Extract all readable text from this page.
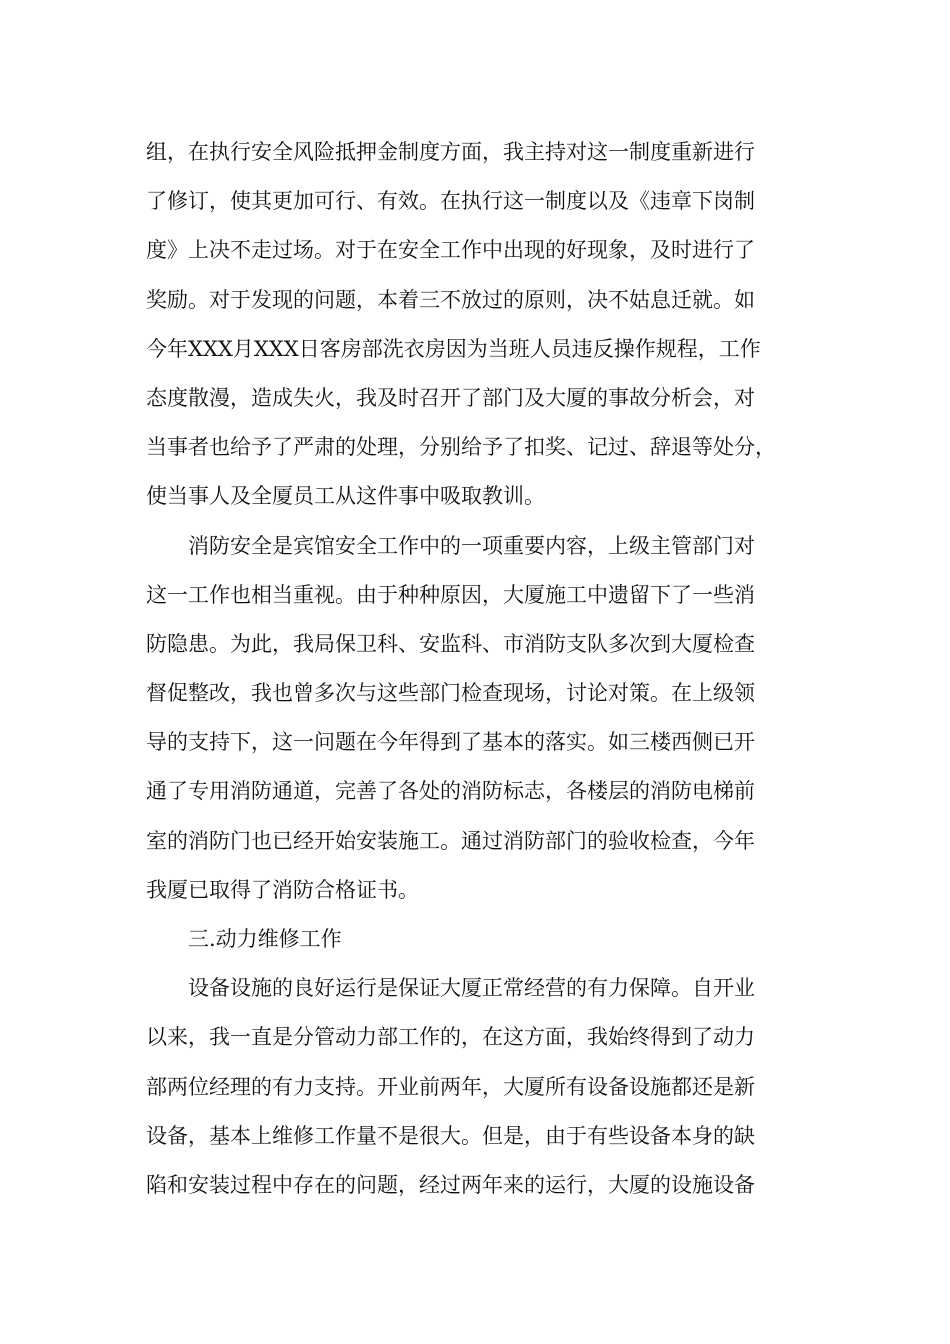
组，在执行安全风险抵押金制度方面，我主持对这一制度重新进行
了修订，使其更加可行、有效。在执行这一制度以及《违章下岗制
度》上决不走过场。对于在安全工作中出现的好现象，及时进行了
奖励。对于发现的问题，本着三不放过的原则，决不姑息迁就。如
今年XXX月XXX日客房部洗衣房因为当班人员违反操作规程，工作
态度散漫，造成失火，我及时召开了部门及大厦的事故分析会，对
当事者也给予了严肃的处理，分别给予了扣奖、记过、辞退等处分，
使当事人及全厦员工从这件事中吸取教训。
消防安全是宾馆安全工作中的一项重要内容，上级主管部门对
这一工作也相当重视。由于种种原因，大厦施工中遗留下了一些消
防隐患。为此，我局保卫科、安监科、市消防支队多次到大厦检查
督促整改，我也曾多次与这些部门检查现场，讨论对策。在上级领
导的支持下，这一问题在今年得到了基本的落实。如三楼西侧已开
通了专用消防通道，完善了各处的消防标志，各楼层的消防电梯前
室的消防门也已经开始安装施工。通过消防部门的验收检查，今年
我厦已取得了消防合格证书。
三.动力维修工作
设备设施的良好运行是保证大厦正常经营的有力保障。自开业
以来，我一直是分管动力部工作的，在这方面，我始终得到了动力
部两位经理的有力支持。开业前两年，大厦所有设备设施都还是新
设备，基本上维修工作量不是很大。但是，由于有些设备本身的缺
陷和安装过程中存在的问题，经过两年来的运行，大厦的设施设备
